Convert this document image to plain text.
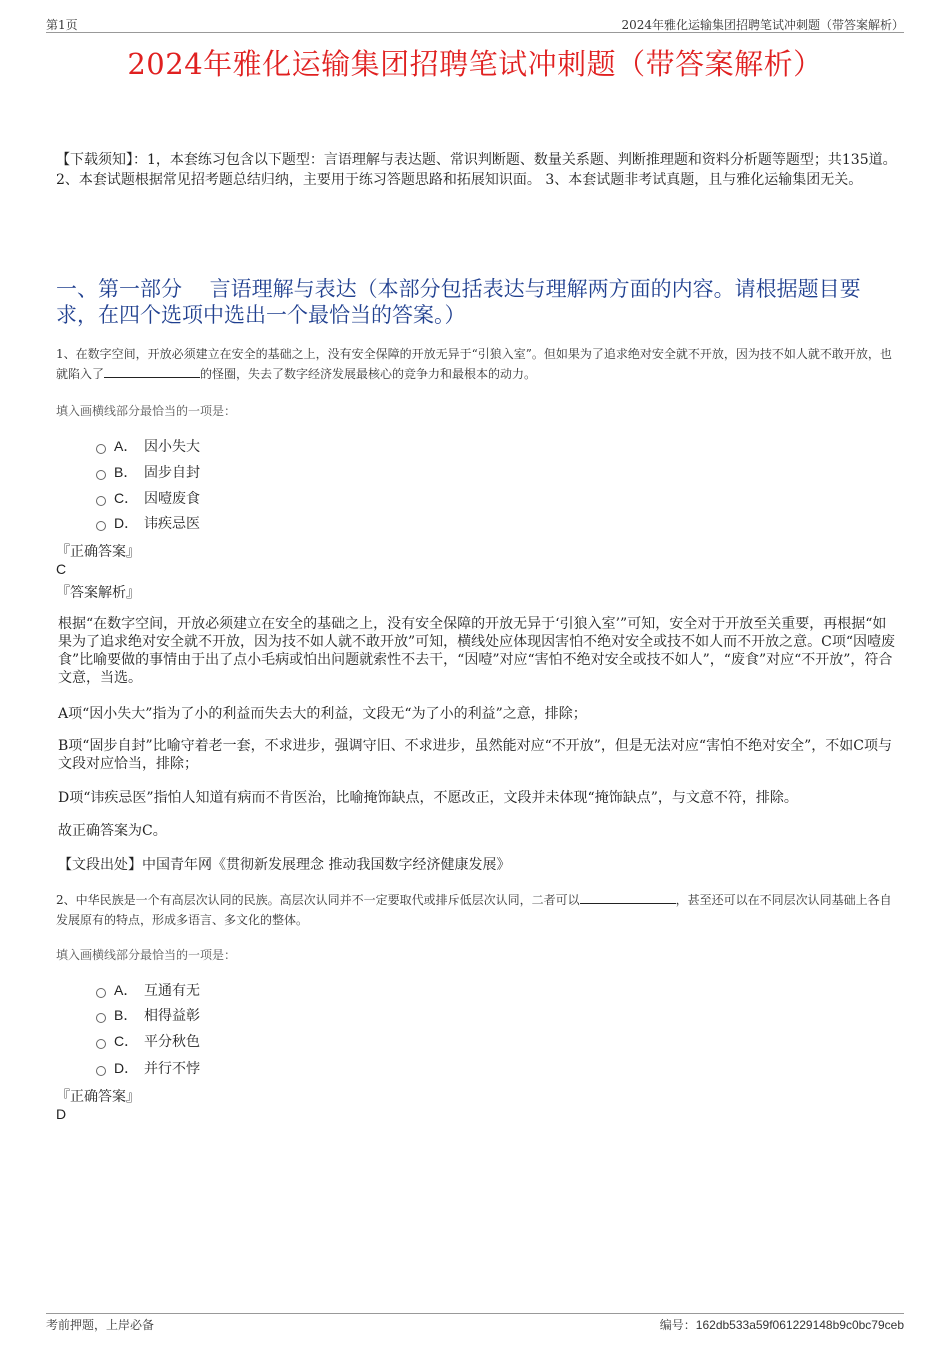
第1页	2024年雅化运输集团招聘笔试冲刺题（带答案解析）
2024年雅化运输集团招聘笔试冲刺题（带答案解析）
【下载须知】：1，本套练习包含以下题型：言语理解与表达题、常识判断题、数量关系题、判断推理题和资料分析题等题型；共135道。 2、本套试题根据常见招考题总结归纳，主要用于练习答题思路和拓展知识面。 3、本套试题非考试真题，且与雅化运输集团无关。
一、第一部分　 言语理解与表达（本部分包括表达与理解两方面的内容。请根据题目要求，在四个选项中选出一个最恰当的答案。）
1、在数字空间，开放必须建立在安全的基础之上，没有安全保障的开放无异于“引狼入室”。但如果为了追求绝对安全就不开放，因为技不如人就不敢开放，也就陷入了	的怪圈，失去了数字经济发展最核心的竞争力和最根本的动力。
填入画横线部分最恰当的一项是：
A． 因小失大
B． 固步自封
C． 因噎废食
D． 讳疾忌医
『正确答案』
C
『答案解析』
根据“在数字空间，开放必须建立在安全的基础之上，没有安全保障的开放无异于‘引狼入室’”可知，安全对于开放至关重要，再根据“如果为了追求绝对安全就不开放，因为技不如人就不敢开放”可知，横线处应体现因害怕不绝对安全或技不如人而不开放之意。C项“因噎废食”比喻要做的事情由于出了点小毛病或怕出问题就索性不去干，“因噎”对应“害怕不绝对安全或技不如人”，“废食”对应“不开放”，符合文意，当选。
A项“因小失大”指为了小的利益而失去大的利益，文段无“为了小的利益”之意，排除；
B项“固步自封”比喻守着老一套，不求进步，强调守旧、不求进步，虽然能对应“不开放”，但是无法对应“害怕不绝对安全”，不如C项与文段对应恰当，排除；
D项“讳疾忌医”指怕人知道有病而不肯医治，比喻掩饰缺点，不愿改正，文段并未体现“掩饰缺点”，与文意不符，排除。
故正确答案为C。
【文段出处】中国青年网《贯彻新发展理念 推动我国数字经济健康发展》
2、中华民族是一个有高层次认同的民族。高层次认同并不一定要取代或排斥低层次认同，二者可以	，甚至还可以在不同层次认同基础上各自发展原有的特点，形成多语言、多文化的整体。
填入画横线部分最恰当的一项是：
A． 互通有无
B． 相得益彰
C． 平分秋色
D． 并行不悖
『正确答案』
D
考前押题，上岸必备	编号：162db533a59f061229148b9c0bc79ceb
